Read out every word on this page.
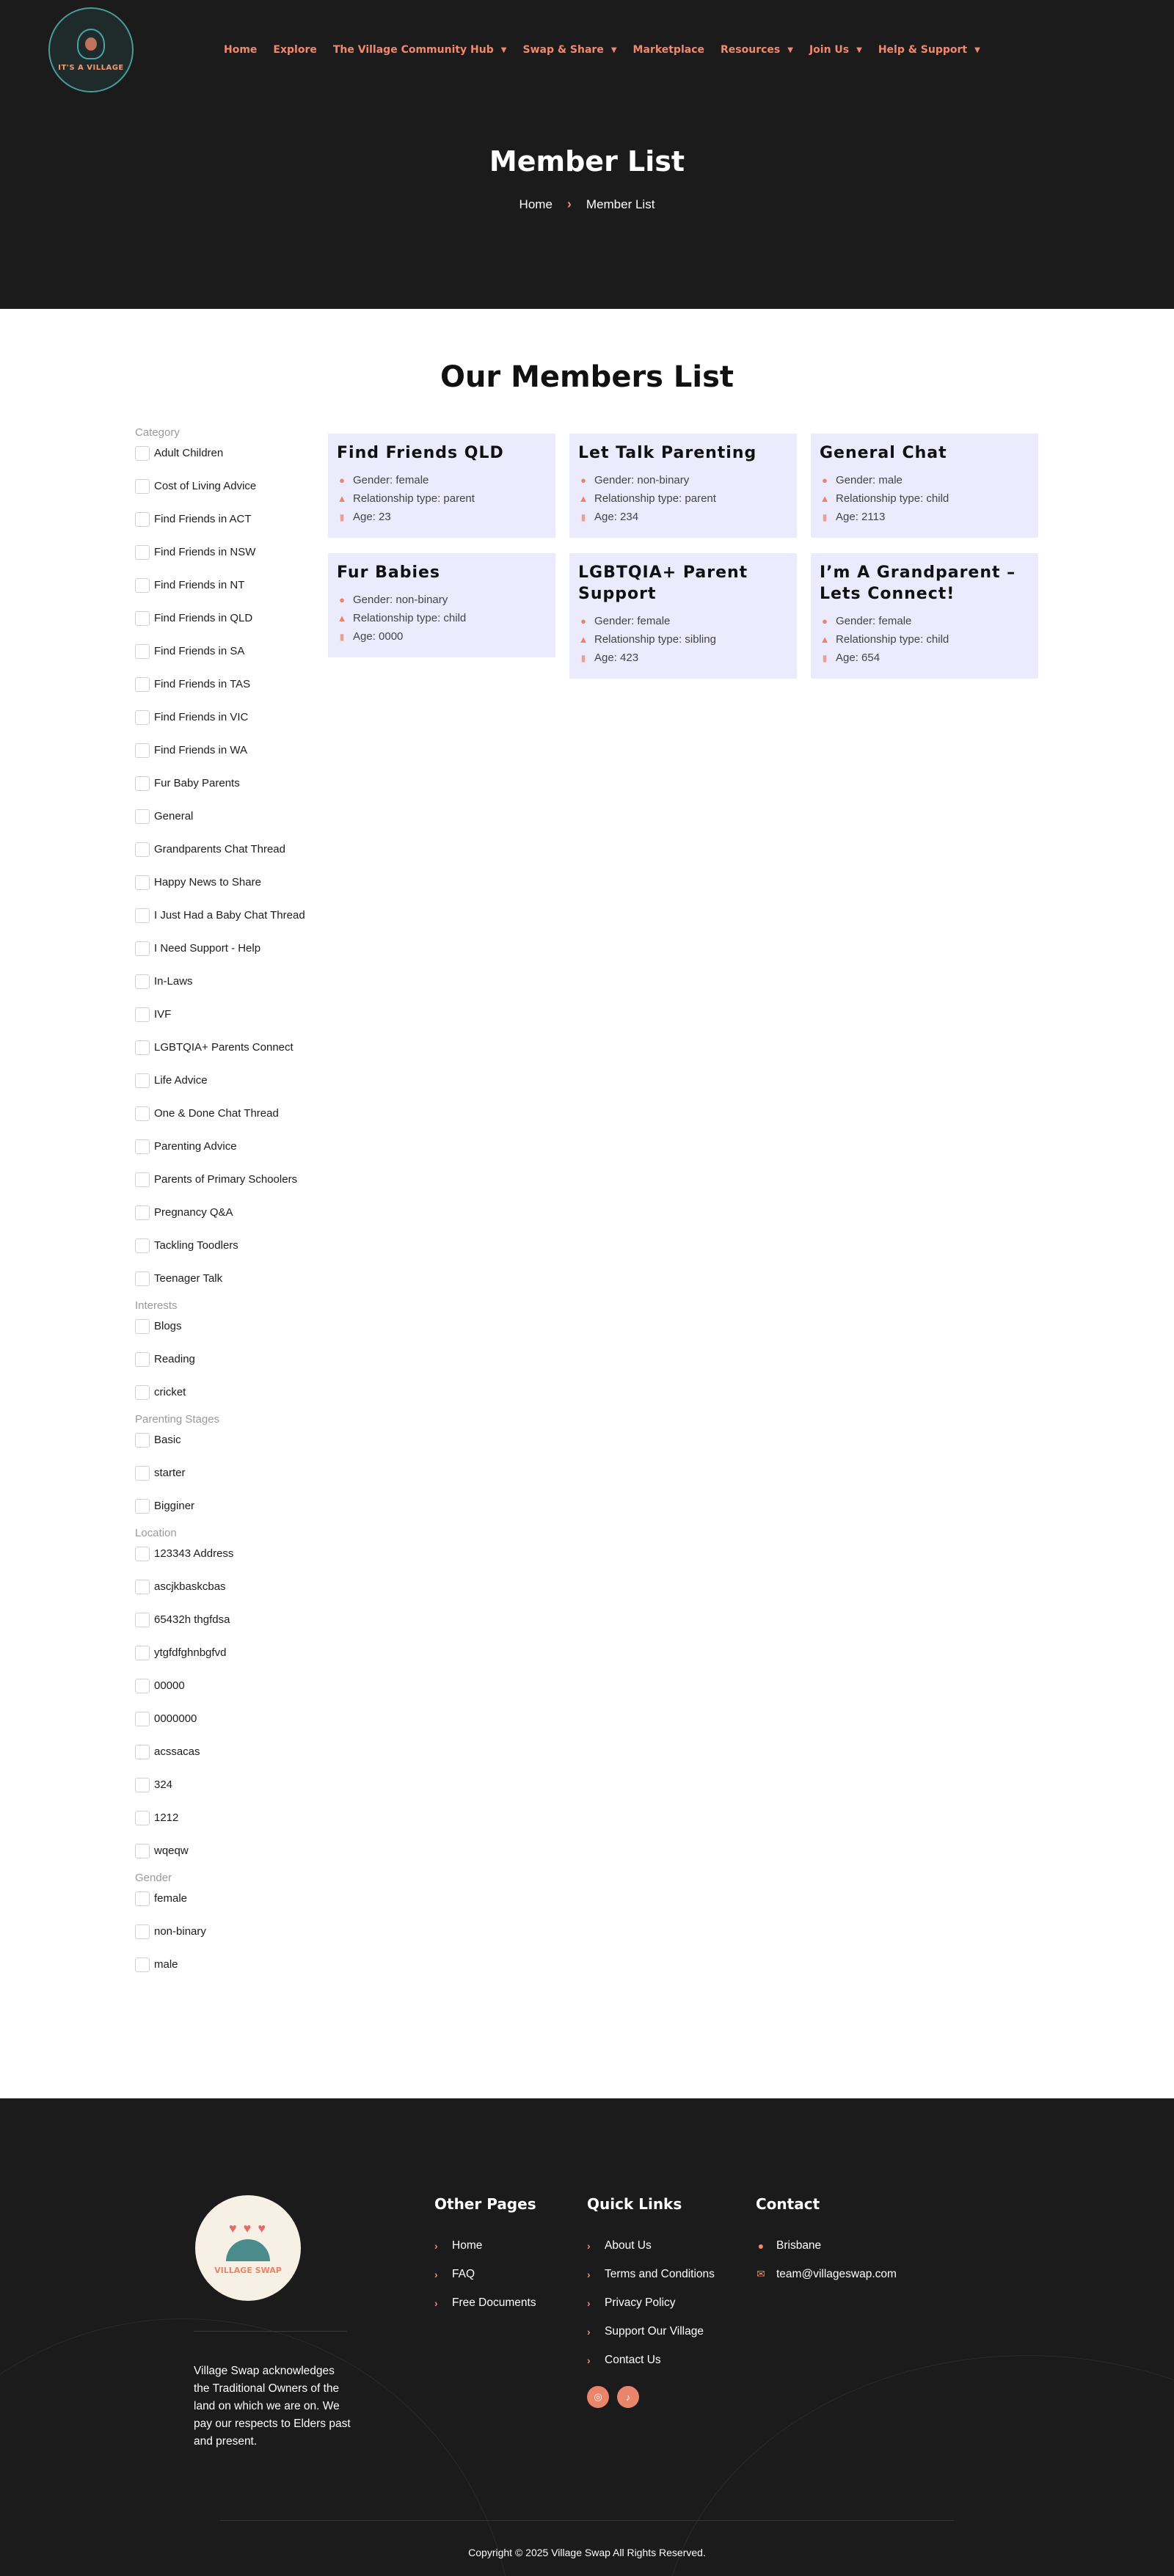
IT'S A VILLAGE
Home Explore The Village Community Hub ▼ Swap & Share ▼ Marketplace Resources ▼ Join Us ▼ Help & Support ▼
Member List
Home › Member List
Our Members List
Category
Adult Children
Cost of Living Advice
Find Friends in ACT
Find Friends in NSW
Find Friends in NT
Find Friends in QLD
Find Friends in SA
Find Friends in TAS
Find Friends in VIC
Find Friends in WA
Fur Baby Parents
General
Grandparents Chat Thread
Happy News to Share
I Just Had a Baby Chat Thread
I Need Support - Help
In-Laws
IVF
LGBTQIA+ Parents Connect
Life Advice
One & Done Chat Thread
Parenting Advice
Parents of Primary Schoolers
Pregnancy Q&A
Tackling Toodlers
Teenager Talk
Interests
Blogs
Reading
cricket
Parenting Stages
Basic
starter
Bigginer
Location
123343 Address
ascjkbaskcbas
65432h thgfdsa
ytgfdfghnbgfvd
00000
0000000
acssacas
324
1212
wqeqw
Gender
female
non-binary
male
Find Friends QLD
● Gender: female
▲ Relationship type: parent
▮ Age: 23
Let Talk Parenting
● Gender: non-binary
▲ Relationship type: parent
▮ Age: 234
General Chat
● Gender: male
▲ Relationship type: child
▮ Age: 2113
Fur Babies
● Gender: non-binary
▲ Relationship type: child
▮ Age: 0000
LGBTQIA+ Parent Support
● Gender: female
▲ Relationship type: sibling
▮ Age: 423
I’m A Grandparent – Lets Connect!
● Gender: female
▲ Relationship type: child
▮ Age: 654
♥ ♥ ♥
VILLAGE SWAP

Village Swap acknowledges the Traditional Owners of the land on which we are on. We pay our respects to Elders past and present.

Other Pages
› Home
› FAQ
› Free Documents
Quick Links
› About Us
› Terms and Conditions
› Privacy Policy
› Support Our Village
› Contact Us
◎	♪
Contact
● Brisbane
✉ team@villageswap.com
Copyright © 2025 Village Swap All Rights Reserved.
